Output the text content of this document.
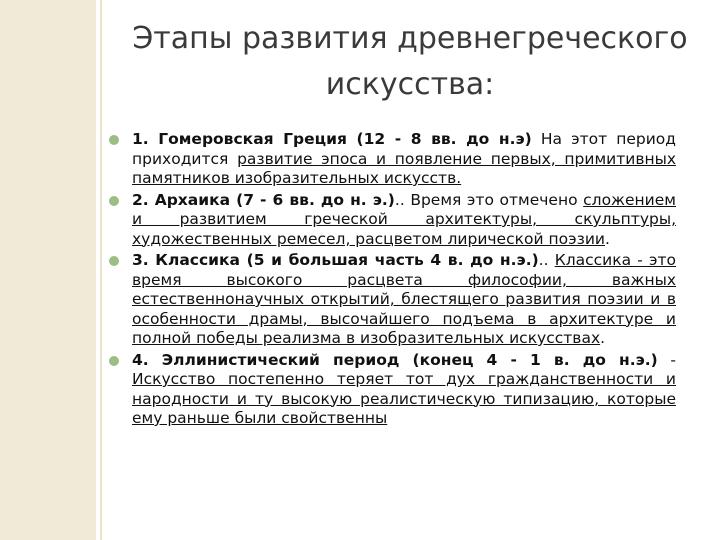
Этапы развития древнегреческого
искусства:
1. Гомеровская Греция (12 - 8 вв. до н.э) На этот период приходится развитие эпоса и появление первых, примитивных памятников изобразительных искусств.
2. Архаика (7 - 6 вв. до н. э.).. Время это отмечено сложением и развитием греческой архитектуры, скульптуры, художественных ремесел, расцветом лирической поэзии.
3. Классика (5 и большая часть 4 в. до н.э.).. Классика - это время высокого расцвета философии, важных естественнонаучных открытий, блестящего развития поэзии и в особенности драмы, высочайшего подъема в архитектуре и полной победы реализма в изобразительных искусствах.
4. Эллинистический период (конец 4 - 1 в. до н.э.) - Искусство постепенно теряет тот дух гражданственности и народности и ту высокую реалистическую типизацию, которые ему раньше были свойственны
